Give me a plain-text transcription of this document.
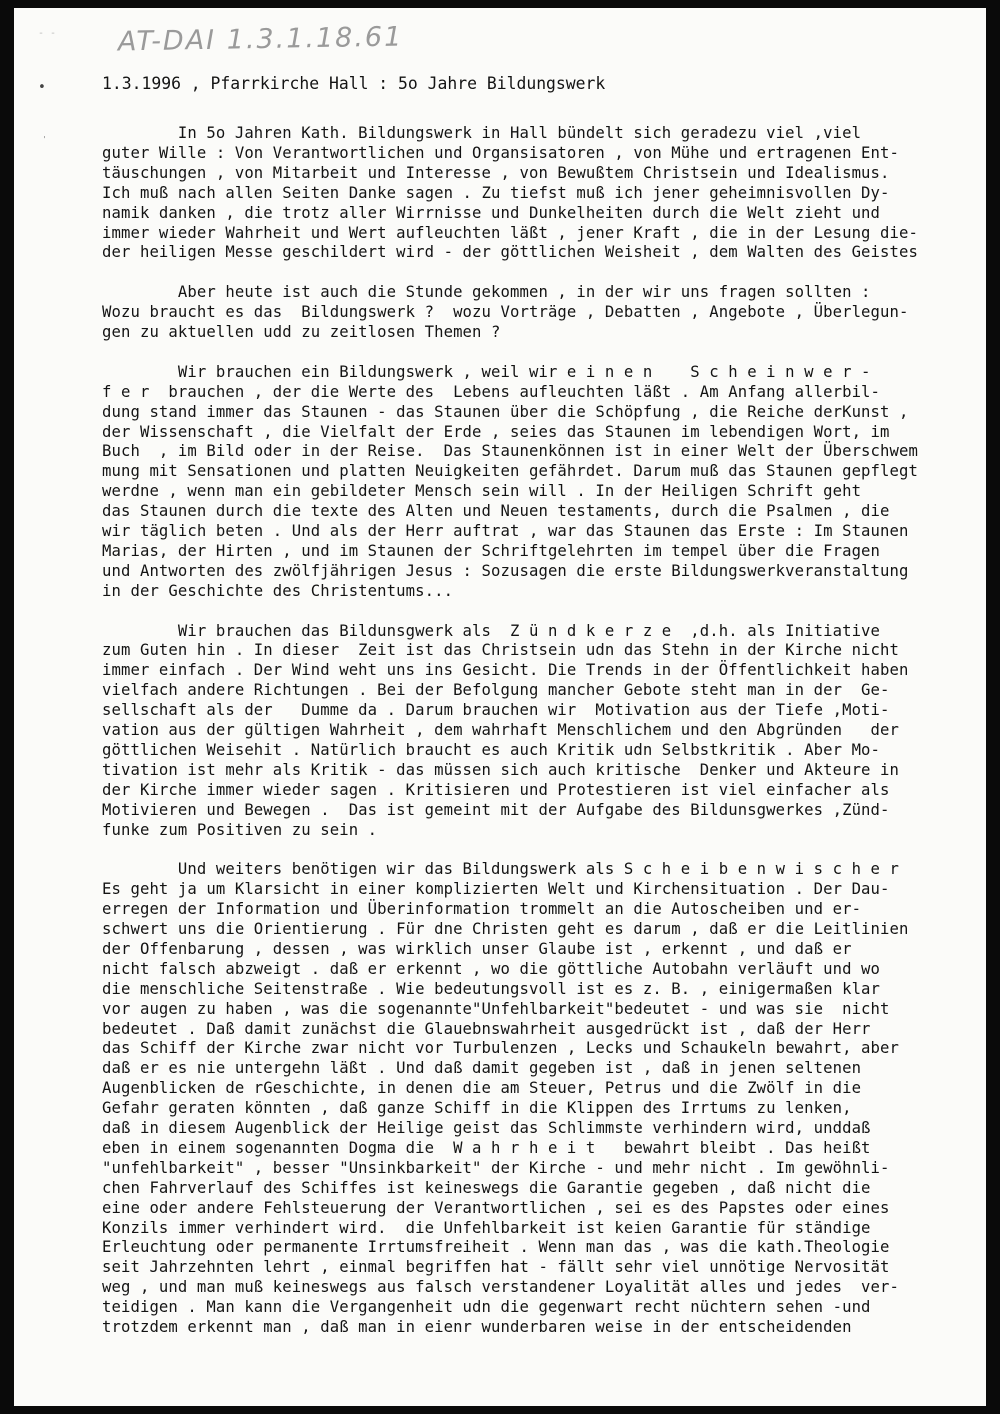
AT-DAI 1.3.1.18.61
- -
•
'
1.3.1996 , Pfarrkirche Hall : 5o Jahre Bildungswerk
In 5o Jahren Kath. Bildungswerk in Hall bündelt sich geradezu viel ,viel
guter Wille : Von Verantwortlichen und Organsisatoren , von Mühe und ertragenen Ent-
täuschungen , von Mitarbeit und Interesse , von Bewußtem Christsein und Idealismus.
Ich muß nach allen Seiten Danke sagen . Zu tiefst muß ich jener geheimnisvollen Dy-
namik danken , die trotz aller Wirrnisse und Dunkelheiten durch die Welt zieht und
immer wieder Wahrheit und Wert aufleuchten läßt , jener Kraft , die in der Lesung die-
der heiligen Messe geschildert wird - der göttlichen Weisheit , dem Walten des Geistes
Aber heute ist auch die Stunde gekommen , in der wir uns fragen sollten :
Wozu braucht es das  Bildungswerk ?  wozu Vorträge , Debatten , Angebote , Überlegun-
gen zu aktuellen udd zu zeitlosen Themen ?
Wir brauchen ein Bildungswerk , weil wir e i n e n    S c h e i n w e r -
f e r  brauchen , der die Werte des  Lebens aufleuchten läßt . Am Anfang allerbil-
dung stand immer das Staunen - das Staunen über die Schöpfung , die Reiche derKunst ,
der Wissenschaft , die Vielfalt der Erde , seies das Staunen im lebendigen Wort, im
Buch  , im Bild oder in der Reise.  Das Staunenkönnen ist in einer Welt der Überschwem
mung mit Sensationen und platten Neuigkeiten gefährdet. Darum muß das Staunen gepflegt
werdne , wenn man ein gebildeter Mensch sein will . In der Heiligen Schrift geht
das Staunen durch die texte des Alten und Neuen testaments, durch die Psalmen , die
wir täglich beten . Und als der Herr auftrat , war das Staunen das Erste : Im Staunen
Marias, der Hirten , und im Staunen der Schriftgelehrten im tempel über die Fragen
und Antworten des zwölfjährigen Jesus : Sozusagen die erste Bildungswerkveranstaltung
in der Geschichte des Christentums...
Wir brauchen das Bildunsgwerk als  Z ü n d k e r z e  ,d.h. als Initiative
zum Guten hin . In dieser  Zeit ist das Christsein udn das Stehn in der Kirche nicht
immer einfach . Der Wind weht uns ins Gesicht. Die Trends in der Öffentlichkeit haben
vielfach andere Richtungen . Bei der Befolgung mancher Gebote steht man in der  Ge-
sellschaft als der   Dumme da . Darum brauchen wir  Motivation aus der Tiefe ,Moti-
vation aus der gültigen Wahrheit , dem wahrhaft Menschlichem und den Abgründen   der
göttlichen Weisehit . Natürlich braucht es auch Kritik udn Selbstkritik . Aber Mo-
tivation ist mehr als Kritik - das müssen sich auch kritische  Denker und Akteure in
der Kirche immer wieder sagen . Kritisieren und Protestieren ist viel einfacher als
Motivieren und Bewegen .  Das ist gemeint mit der Aufgabe des Bildunsgwerkes ,Zünd-
funke zum Positiven zu sein .
Und weiters benötigen wir das Bildungswerk als S c h e i b e n w i s c h e r
Es geht ja um Klarsicht in einer komplizierten Welt und Kirchensituation . Der Dau-
erregen der Information und Überinformation trommelt an die Autoscheiben und er-
schwert uns die Orientierung . Für dne Christen geht es darum , daß er die Leitlinien
der Offenbarung , dessen , was wirklich unser Glaube ist , erkennt , und daß er
nicht falsch abzweigt . daß er erkennt , wo die göttliche Autobahn verläuft und wo
die menschliche Seitenstraße . Wie bedeutungsvoll ist es z. B. , einigermaßen klar
vor augen zu haben , was die sogenannte"Unfehlbarkeit"bedeutet - und was sie  nicht
bedeutet . Daß damit zunächst die Glauebnswahrheit ausgedrückt ist , daß der Herr
das Schiff der Kirche zwar nicht vor Turbulenzen , Lecks und Schaukeln bewahrt, aber
daß er es nie untergehn läßt . Und daß damit gegeben ist , daß in jenen seltenen
Augenblicken de rGeschichte, in denen die am Steuer, Petrus und die Zwölf in die
Gefahr geraten könnten , daß ganze Schiff in die Klippen des Irrtums zu lenken,
daß in diesem Augenblick der Heilige geist das Schlimmste verhindern wird, unddaß
eben in einem sogenannten Dogma die  W a h r h e i t   bewahrt bleibt . Das heißt
"unfehlbarkeit" , besser "Unsinkbarkeit" der Kirche - und mehr nicht . Im gewöhnli-
chen Fahrverlauf des Schiffes ist keineswegs die Garantie gegeben , daß nicht die
eine oder andere Fehlsteuerung der Verantwortlichen , sei es des Papstes oder eines
Konzils immer verhindert wird.  die Unfehlbarkeit ist keien Garantie für ständige
Erleuchtung oder permanente Irrtumsfreiheit . Wenn man das , was die kath.Theologie
seit Jahrzehnten lehrt , einmal begriffen hat - fällt sehr viel unnötige Nervosität
weg , und man muß keineswegs aus falsch verstandener Loyalität alles und jedes  ver-
teidigen . Man kann die Vergangenheit udn die gegenwart recht nüchtern sehen -und
trotzdem erkennt man , daß man in eienr wunderbaren weise in der entscheidenden
